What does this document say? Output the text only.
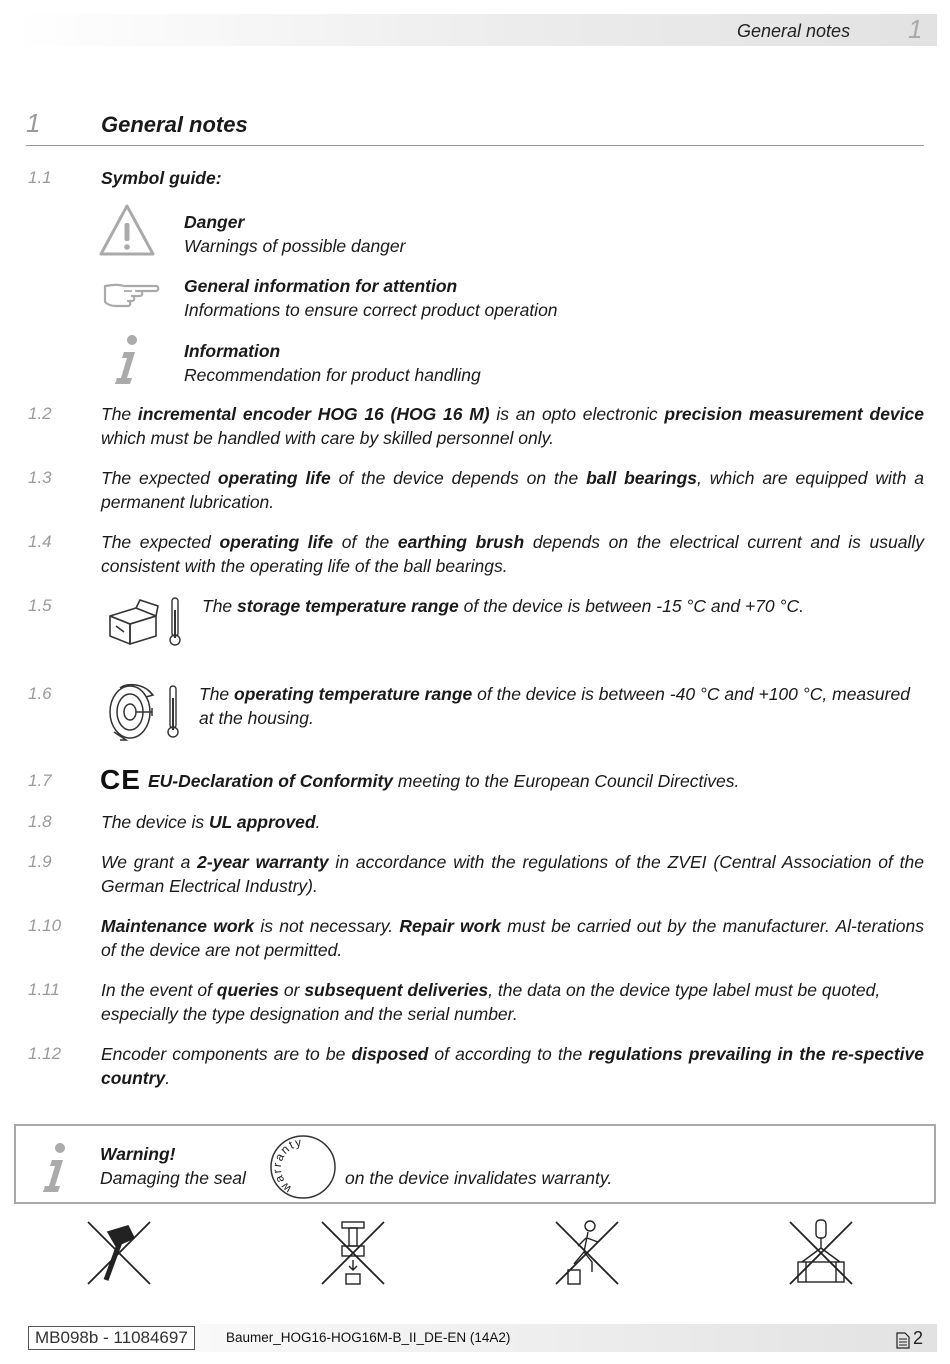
General notes 1
1	General notes
1.1	Symbol guide:
Danger
Warnings of possible danger
General information for attention
Informations to ensure correct product operation
Information
Recommendation for product handling
1.2	The incremental encoder HOG 16 (HOG 16 M) is an opto electronic precision measurement device which must be handled with care by skilled personnel only.
1.3	The expected operating life of the device depends on the ball bearings, which are equipped with a permanent lubrication.
1.4	The expected operating life of the earthing brush depends on the electrical current and is usually consistent with the operating life of the ball bearings.
1.5	The storage temperature range of the device is between -15 °C and +70 °C.
1.6	The operating temperature range of the device is between -40 °C and +100 °C, measured at the housing.
1.7 CE EU-Declaration of Conformity meeting to the European Council Directives.
1.8	The device is UL approved.
1.9	We grant a 2-year warranty in accordance with the regulations of the ZVEI (Central Association of the German Electrical Industry).
1.10 Maintenance work is not necessary. Repair work must be carried out by the manufacturer. Al-terations of the device are not permitted.
1.11 In the event of queries or subsequent deliveries, the data on the device type label must be quoted, especially the type designation and the serial number.
1.12 Encoder components are to be disposed of according to the regulations prevailing in the re-spective country.
Warning!
Damaging the seal	warranty
on the device invalidates warranty.
MB098b - 11084697	Baumer_HOG16-HOG16M-B_II_DE-EN (14A2)	2
